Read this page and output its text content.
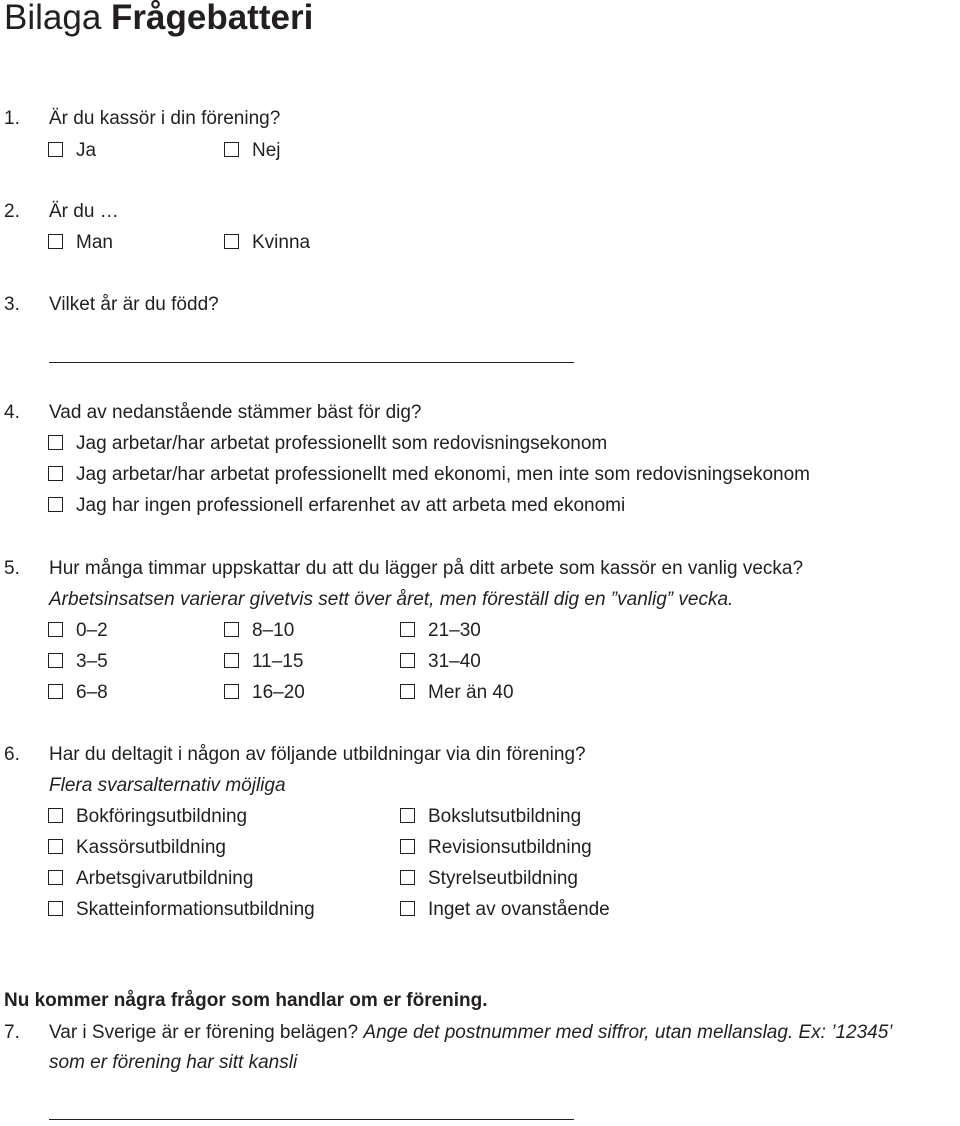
Bilaga Frågebatteri
1.	Är du kassör i din förening?
Ja	Nej
2.	Är du …
Man	Kvinna
3.	Vilket år är du född?
4.	Vad av nedanstående stämmer bäst för dig?
Jag arbetar/har arbetat professionellt som redovisningsekonom
Jag arbetar/har arbetat professionellt med ekonomi, men inte som redovisningsekonom
Jag har ingen professionell erfarenhet av att arbeta med ekonomi
5.	Hur många timmar uppskattar du att du lägger på ditt arbete som kassör en vanlig vecka?
Arbetsinsatsen varierar givetvis sett över året, men föreställ dig en ”vanlig” vecka.
0–2	8–10	21–30
3–5	11–15	31–40
6–8	16–20	Mer än 40
6.	Har du deltagit i någon av följande utbildningar via din förening?
Flera svarsalternativ möjliga
Bokföringsutbildning	Bokslutsutbildning
Kassörsutbildning	Revisionsutbildning
Arbetsgivarutbildning	Styrelseutbildning
Skatteinformationsutbildning	Inget av ovanstående
Nu kommer några frågor som handlar om er förening.
7.	Var i Sverige är er förening belägen? Ange det postnummer med siffror, utan mellanslag. Ex: ’12345’
som er förening har sitt kansli
